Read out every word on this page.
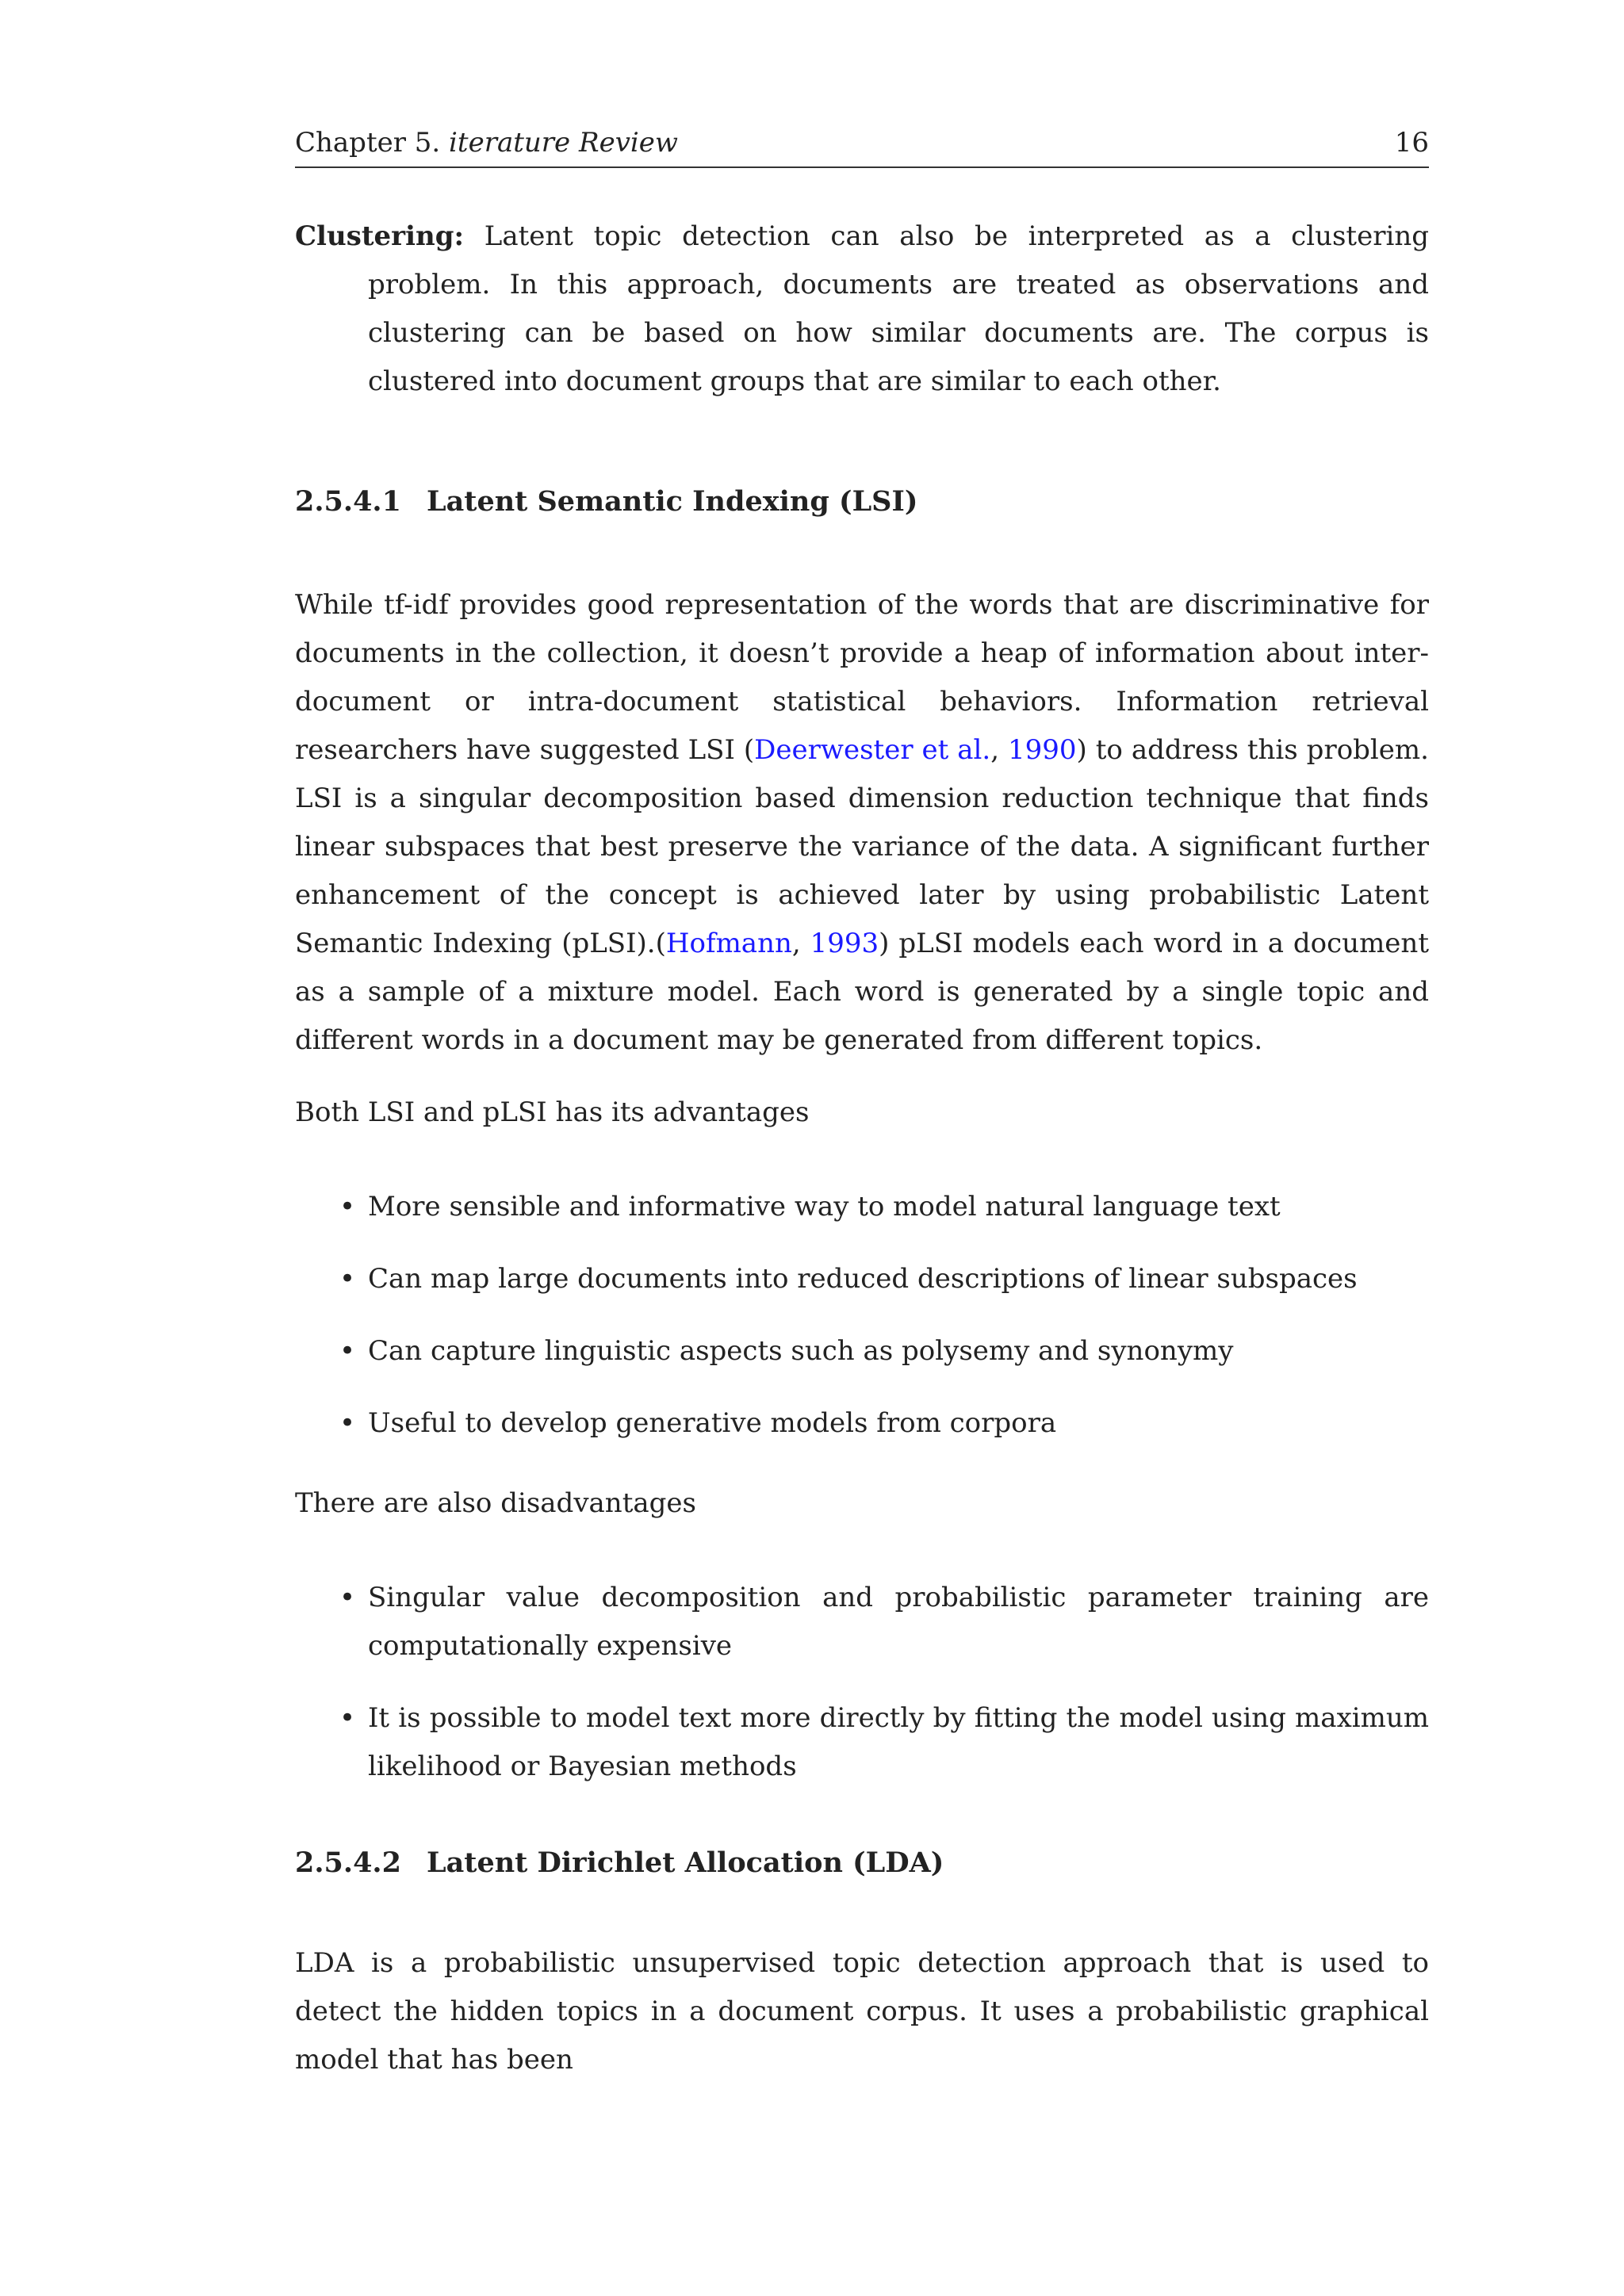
Chapter 5. iterature Review	16

Clustering: Latent topic detection can also be interpreted as a clustering problem. In this approach, documents are treated as observations and clustering can be based on how similar documents are. The corpus is clustered into document groups that are similar to each other.

2.5.4.1 Latent Semantic Indexing (LSI)

While tf-idf provides good representation of the words that are discriminative for documents in the collection, it doesn’t provide a heap of information about inter-document or intra-document statistical behaviors. Information retrieval researchers have suggested LSI (Deerwester et al., 1990) to address this problem. LSI is a singular decomposition based dimension reduction technique that finds linear subspaces that best preserve the variance of the data. A significant further enhancement of the concept is achieved later by using probabilistic Latent Semantic Indexing (pLSI).(Hofmann, 1993) pLSI models each word in a document as a sample of a mixture model. Each word is generated by a single topic and different words in a document may be generated from different topics.

Both LSI and pLSI has its advantages

• More sensible and informative way to model natural language text
• Can map large documents into reduced descriptions of linear subspaces
• Can capture linguistic aspects such as polysemy and synonymy
• Useful to develop generative models from corpora

There are also disadvantages

• Singular value decomposition and probabilistic parameter training are computationally expensive
• It is possible to model text more directly by fitting the model using maximum likelihood or Bayesian methods
2.5.4.2 Latent Dirichlet Allocation (LDA)

LDA is a probabilistic unsupervised topic detection approach that is used to detect the hidden topics in a document corpus. It uses a probabilistic graphical model that has been
